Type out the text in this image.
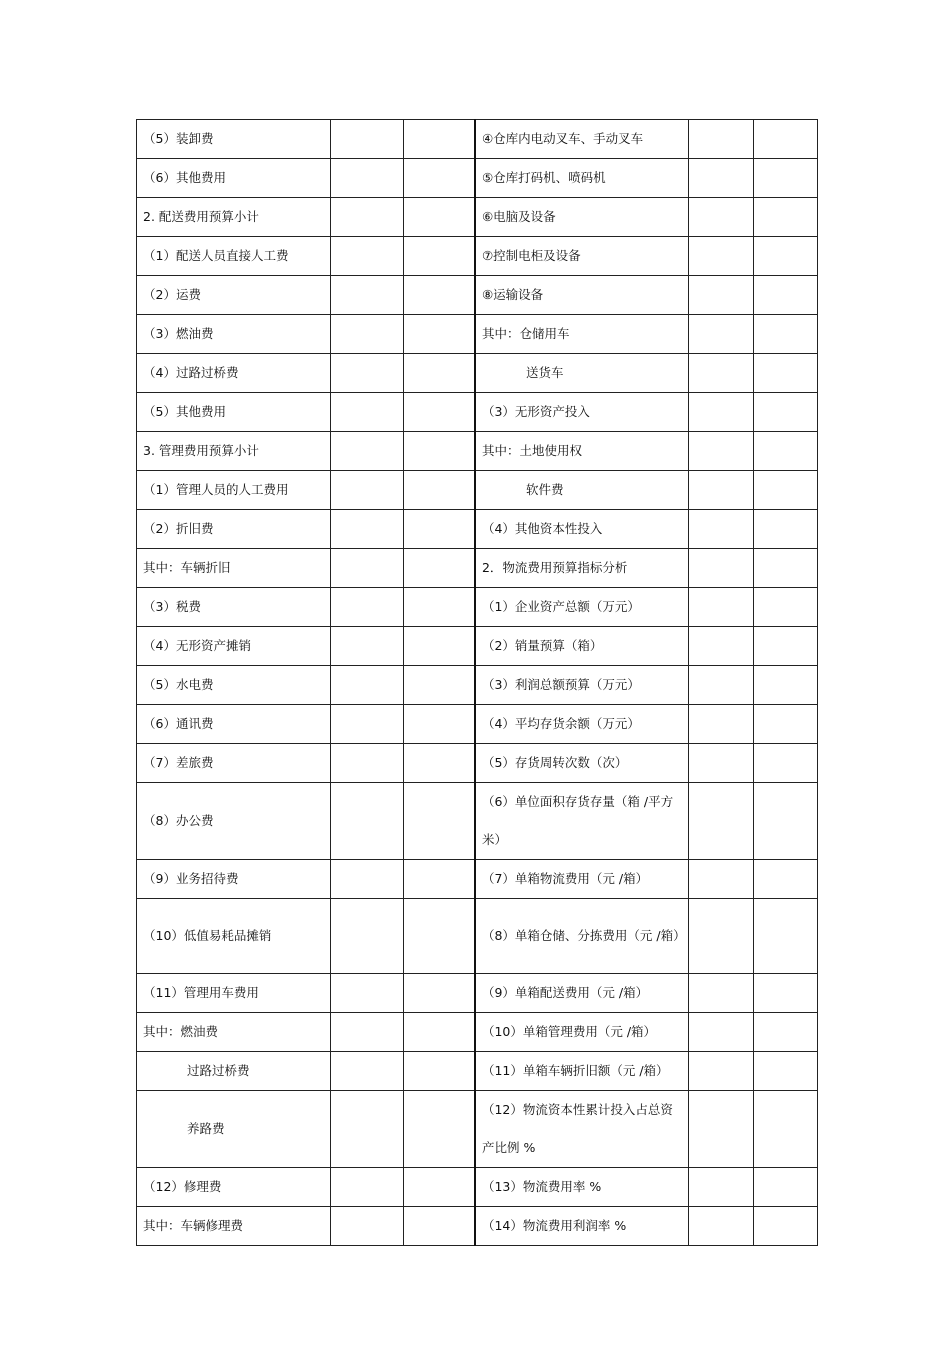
（5）装卸费			④仓库内电动叉车、手动叉车		
（6）其他费用			⑤仓库打码机、喷码机		
2. 配送费用预算小计			⑥电脑及设备		
（1）配送人员直接人工费			⑦控制电柜及设备		
（2）运费			⑧运输设备		
（3）燃油费			其中：仓储用车		
（4）过路过桥费			送货车		
（5）其他费用			（3）无形资产投入		
3. 管理费用预算小计			其中：土地使用权		
（1）管理人员的人工费用			软件费		
（2）折旧费			（4）其他资本性投入		
其中：车辆折旧			2．物流费用预算指标分析		
（3）税费			（1）企业资产总额（万元）		
（4）无形资产摊销			（2）销量预算（箱）		
（5）水电费			（3）利润总额预算（万元）		
（6）通讯费			（4）平均存货余额（万元）		
（7）差旅费			（5）存货周转次数（次）		
（8）办公费			（6）单位面积存货存量（箱 /平方米）		
（9）业务招待费			（7）单箱物流费用（元 /箱）		
（10）低值易耗品摊销			（8）单箱仓储、分拣费用（元 /箱）		
（11）管理用车费用			（9）单箱配送费用（元 /箱）		
其中：燃油费			（10）单箱管理费用（元 /箱）		
过路过桥费			（11）单箱车辆折旧额（元 /箱）		
养路费			（12）物流资本性累计投入占总资产比例 %		
（12）修理费			（13）物流费用率 %		
其中：车辆修理费			（14）物流费用利润率 %		
